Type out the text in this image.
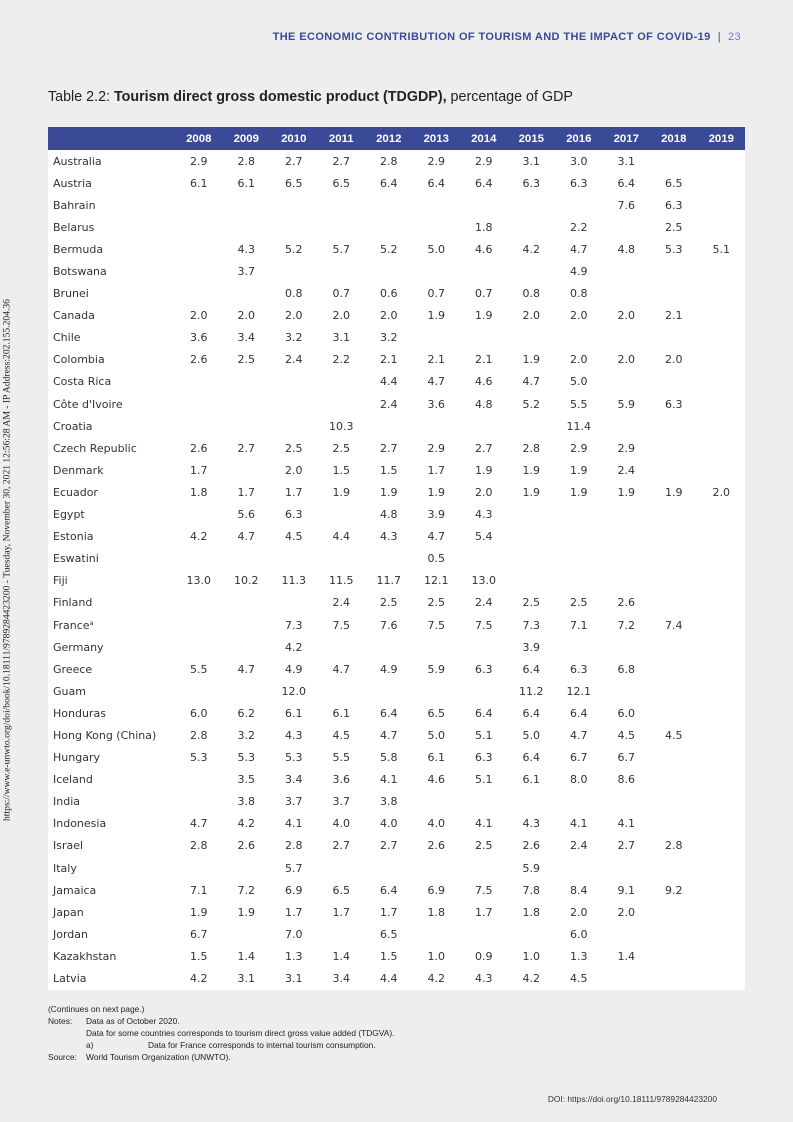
THE ECONOMIC CONTRIBUTION OF TOURISM AND THE IMPACT OF COVID-19 | 23
https://www.e-unwto.org/doi/book/10.18111/9789284423200 - Tuesday, November 30, 2021 12:56:28 AM - IP Address:202.155.204.36
Table 2.2: Tourism direct gross domestic product (TDGDP), percentage of GDP
	2008	2009	2010	2011	2012	2013	2014	2015	2016	2017	2018	2019
Australia	2.9	2.8	2.7	2.7	2.8	2.9	2.9	3.1	3.0	3.1		
Austria	6.1	6.1	6.5	6.5	6.4	6.4	6.4	6.3	6.3	6.4	6.5	
Bahrain										7.6	6.3	
Belarus							1.8		2.2		2.5	
Bermuda		4.3	5.2	5.7	5.2	5.0	4.6	4.2	4.7	4.8	5.3	5.1
Botswana		3.7							4.9			
Brunei			0.8	0.7	0.6	0.7	0.7	0.8	0.8			
Canada	2.0	2.0	2.0	2.0	2.0	1.9	1.9	2.0	2.0	2.0	2.1	
Chile	3.6	3.4	3.2	3.1	3.2							
Colombia	2.6	2.5	2.4	2.2	2.1	2.1	2.1	1.9	2.0	2.0	2.0	
Costa Rica					4.4	4.7	4.6	4.7	5.0			
Côte d'Ivoire					2.4	3.6	4.8	5.2	5.5	5.9	6.3	
Croatia				10.3					11.4			
Czech Republic	2.6	2.7	2.5	2.5	2.7	2.9	2.7	2.8	2.9	2.9		
Denmark	1.7		2.0	1.5	1.5	1.7	1.9	1.9	1.9	2.4		
Ecuador	1.8	1.7	1.7	1.9	1.9	1.9	2.0	1.9	1.9	1.9	1.9	2.0
Egypt		5.6	6.3		4.8	3.9	4.3					
Estonia	4.2	4.7	4.5	4.4	4.3	4.7	5.4					
Eswatini						0.5						
Fiji	13.0	10.2	11.3	11.5	11.7	12.1	13.0					
Finland				2.4	2.5	2.5	2.4	2.5	2.5	2.6		
France$^a$			7.3	7.5	7.6	7.5	7.5	7.3	7.1	7.2	7.4	
Germany			4.2					3.9				
Greece	5.5	4.7	4.9	4.7	4.9	5.9	6.3	6.4	6.3	6.8		
Guam			12.0					11.2	12.1			
Honduras	6.0	6.2	6.1	6.1	6.4	6.5	6.4	6.4	6.4	6.0		
Hong Kong (China)	2.8	3.2	4.3	4.5	4.7	5.0	5.1	5.0	4.7	4.5	4.5	
Hungary	5.3	5.3	5.3	5.5	5.8	6.1	6.3	6.4	6.7	6.7		
Iceland		3.5	3.4	3.6	4.1	4.6	5.1	6.1	8.0	8.6		
India		3.8	3.7	3.7	3.8							
Indonesia	4.7	4.2	4.1	4.0	4.0	4.0	4.1	4.3	4.1	4.1		
Israel	2.8	2.6	2.8	2.7	2.7	2.6	2.5	2.6	2.4	2.7	2.8	
Italy			5.7					5.9				
Jamaica	7.1	7.2	6.9	6.5	6.4	6.9	7.5	7.8	8.4	9.1	9.2	
Japan	1.9	1.9	1.7	1.7	1.7	1.8	1.7	1.8	2.0	2.0		
Jordan	6.7		7.0		6.5				6.0			
Kazakhstan	1.5	1.4	1.3	1.4	1.5	1.0	0.9	1.0	1.3	1.4		
Latvia	4.2	3.1	3.1	3.4	4.4	4.2	4.3	4.2	4.5			
(Continues on next page.)
Notes:	Data as of October 2020.
Data for some countries corresponds to tourism direct gross value added (TDGVA).
a)	Data for France corresponds to internal tourism consumption.
Source:	World Tourism Organization (UNWTO).
DOI: https://doi.org/10.18111/9789284423200
